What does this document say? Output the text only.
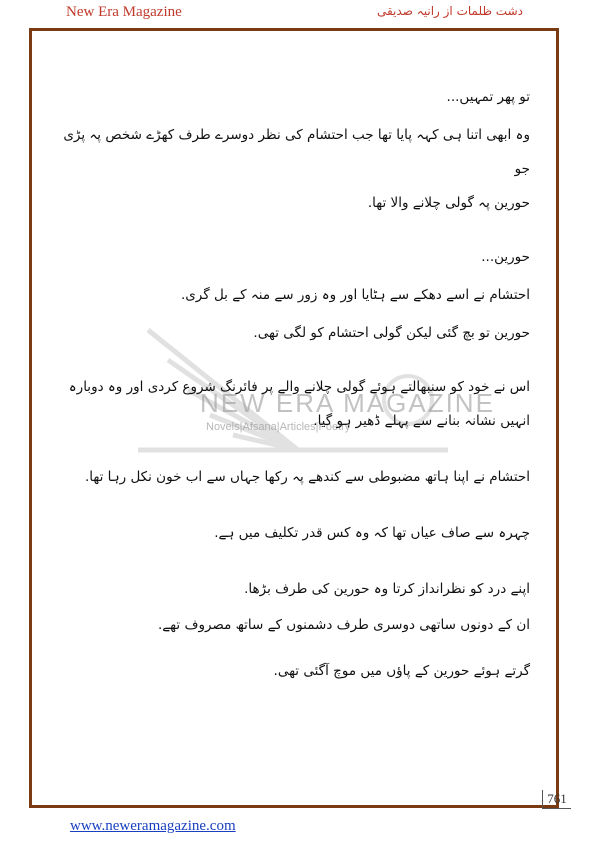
New Era Magazine	دشت ظلمات از رانیہ صدیقی
NEW ERA MAGAZINE
Novels|Afsana|Articles|Poetry

تو پھر تمہیں...

وہ ابھی اتنا ہی کہہ پایا تھا جب احتشام کی نظر دوسرے طرف کھڑے شخص پہ پڑی جو

حورین پہ گولی چلانے والا تھا.

حورین...

احتشام نے اسے دھکے سے ہٹایا اور وہ زور سے منہ کے بل گری.

حورین تو بچ گئی لیکن گولی احتشام کو لگی تھی.

اس نے خود کو سنبھالتے ہوئے گولی چلانے والے پر فائرنگ شروع کردی اور وہ دوبارہ

انہیں نشانہ بنانے سے پہلے ڈھیر ہو گیا.

احتشام نے اپنا ہاتھ مضبوطی سے کندھے پہ رکھا جہاں سے اب خون نکل رہا تھا.

چہرہ سے صاف عیاں تھا کہ وہ کس قدر تکلیف میں ہے.

اپنے درد کو نظرانداز کرتا وہ حورین کی طرف بڑھا.

ان کے دونوں ساتھی دوسری طرف دشمنوں کے ساتھ مصروف تھے.

گرتے ہوئے حورین کے پاؤں میں موچ آگئی تھی.

761
www.neweramagazine.com
